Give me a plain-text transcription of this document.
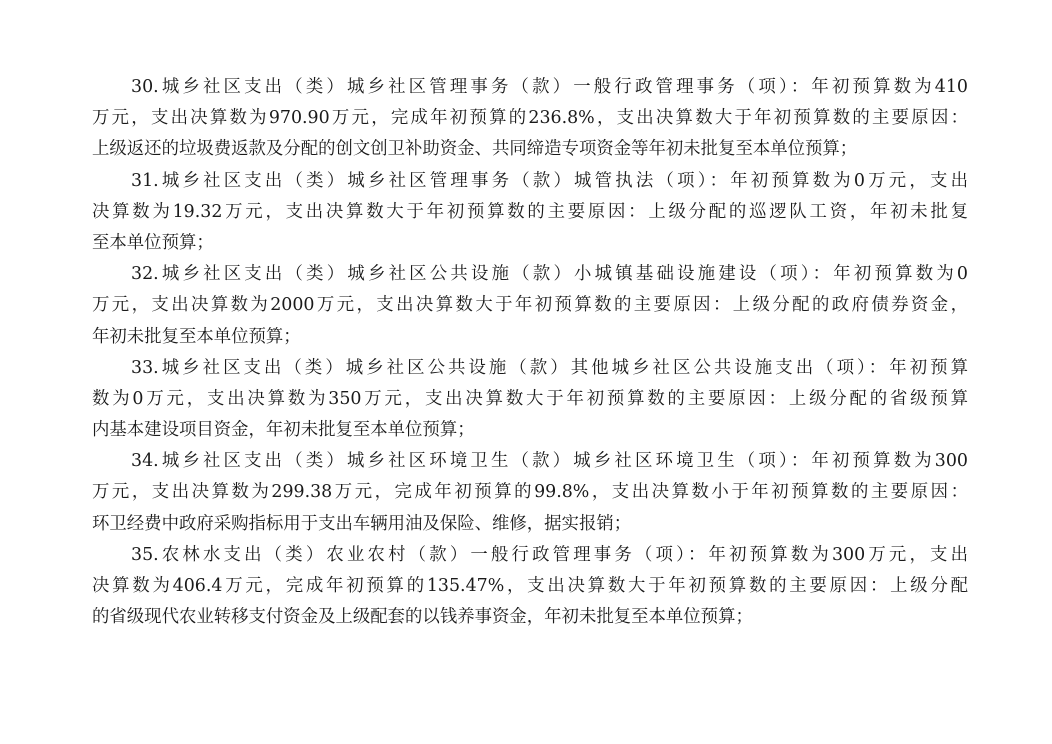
30.城乡社区支出（类）城乡社区管理事务（款）一般行政管理事务（项）：年初预算数为410
万元，支出决算数为970.90万元，完成年初预算的236.8%，支出决算数大于年初预算数的主要原因：
上级返还的垃圾费返款及分配的创文创卫补助资金、共同缔造专项资金等年初未批复至本单位预算；
31.城乡社区支出（类）城乡社区管理事务（款）城管执法（项）：年初预算数为0万元，支出
决算数为19.32万元，支出决算数大于年初预算数的主要原因：上级分配的巡逻队工资，年初未批复
至本单位预算；
32.城乡社区支出（类）城乡社区公共设施（款）小城镇基础设施建设（项）：年初预算数为0
万元，支出决算数为2000万元，支出决算数大于年初预算数的主要原因：上级分配的政府债券资金，
年初未批复至本单位预算；
33.城乡社区支出（类）城乡社区公共设施（款）其他城乡社区公共设施支出（项）：年初预算
数为0万元，支出决算数为350万元，支出决算数大于年初预算数的主要原因：上级分配的省级预算
内基本建设项目资金，年初未批复至本单位预算；
34.城乡社区支出（类）城乡社区环境卫生（款）城乡社区环境卫生（项）：年初预算数为300
万元，支出决算数为299.38万元，完成年初预算的99.8%，支出决算数小于年初预算数的主要原因：
环卫经费中政府采购指标用于支出车辆用油及保险、维修，据实报销；
35.农林水支出（类）农业农村（款）一般行政管理事务（项）：年初预算数为300万元，支出
决算数为406.4万元，完成年初预算的135.47%，支出决算数大于年初预算数的主要原因：上级分配
的省级现代农业转移支付资金及上级配套的以钱养事资金，年初未批复至本单位预算；
